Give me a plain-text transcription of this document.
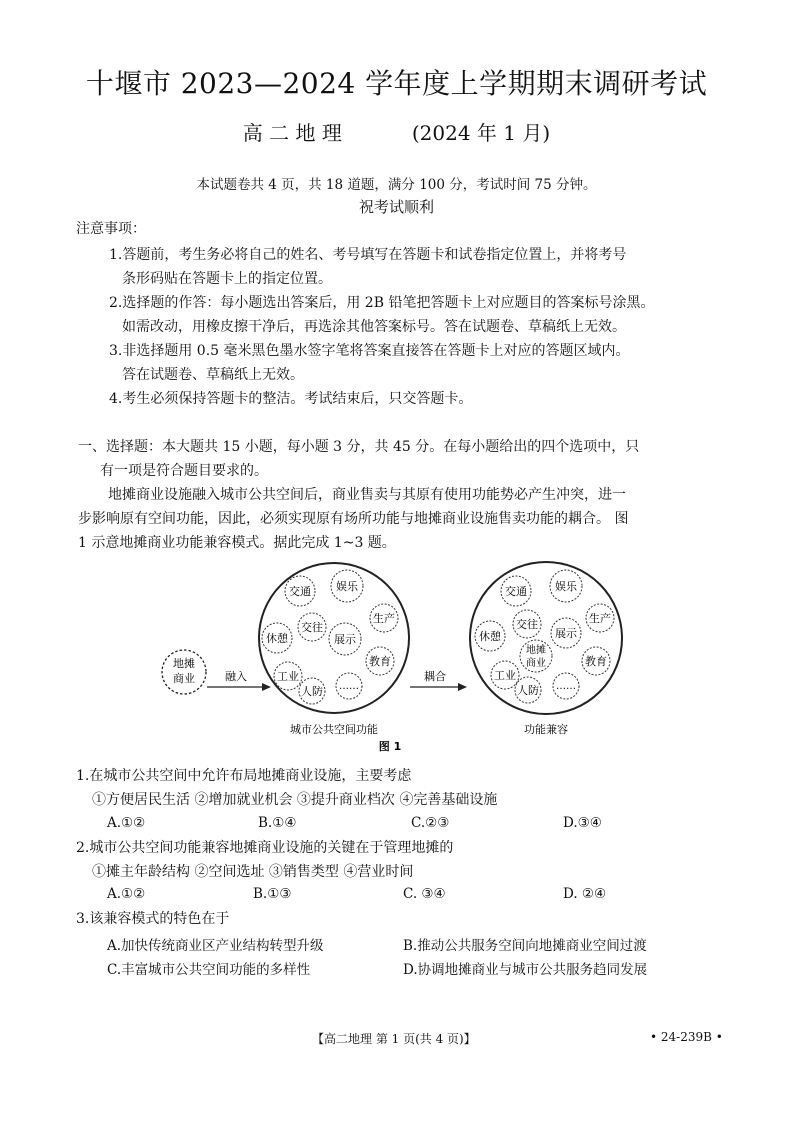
十堰市 2023—2024 学年度上学期期末调研考试
高 二 地 理	(2024 年 1 月)
本试题卷共 4 页，共 18 道题，满分 100 分，考试时间 75 分钟。
祝考试顺利
注意事项：
1.答题前，考生务必将自己的姓名、考号填写在答题卡和试卷指定位置上，并将考号
条形码贴在答题卡上的指定位置。
2.选择题的作答：每小题选出答案后，用 2B 铅笔把答题卡上对应题目的答案标号涂黑。
如需改动，用橡皮擦干净后，再选涂其他答案标号。答在试题卷、草稿纸上无效。
3.非选择题用 0.5 毫米黑色墨水签字笔将答案直接答在答题卡上对应的答题区域内。
答在试题卷、草稿纸上无效。
4.考生必须保持答题卡的整洁。考试结束后，只交答题卡。
一、选择题：本大题共 15 小题，每小题 3 分，共 45 分。在每小题给出的四个选项中，只
有一项是符合题目要求的。
地摊商业设施融入城市公共空间后，商业售卖与其原有使用功能势必产生冲突，进一
步影响原有空间功能，因此，必须实现原有场所功能与地摊商业设施售卖功能的耦合。 图
1 示意地摊商业功能兼容模式。据此完成 1~3 题。
地摊
商业	融入
交通 娱乐
生产
交往
休憩	展示
教育
工业
人防 ……
城市公共空间功能
耦合
交通	娱乐
生产
交往
休憩	展示
地摊
商业	教育
工业
人防 ……
功能兼容
图 1
1.在城市公共空间中允许布局地摊商业设施，主要考虑
①方便居民生活 ②增加就业机会 ③提升商业档次 ④完善基础设施
A.①②	B.①④	C.②③	D.③④
2.城市公共空间功能兼容地摊商业设施的关键在于管理地摊的
①摊主年龄结构 ②空间选址 ③销售类型 ④营业时间
A.①②	B.①③	C. ③④	D. ②④
3.该兼容模式的特色在于
A.加快传统商业区产业结构转型升级	B.推动公共服务空间向地摊商业空间过渡
C.丰富城市公共空间功能的多样性	D.协调地摊商业与城市公共服务趋同发展
【高二地理 第 1 页(共 4 页)】	• 24-239B •
